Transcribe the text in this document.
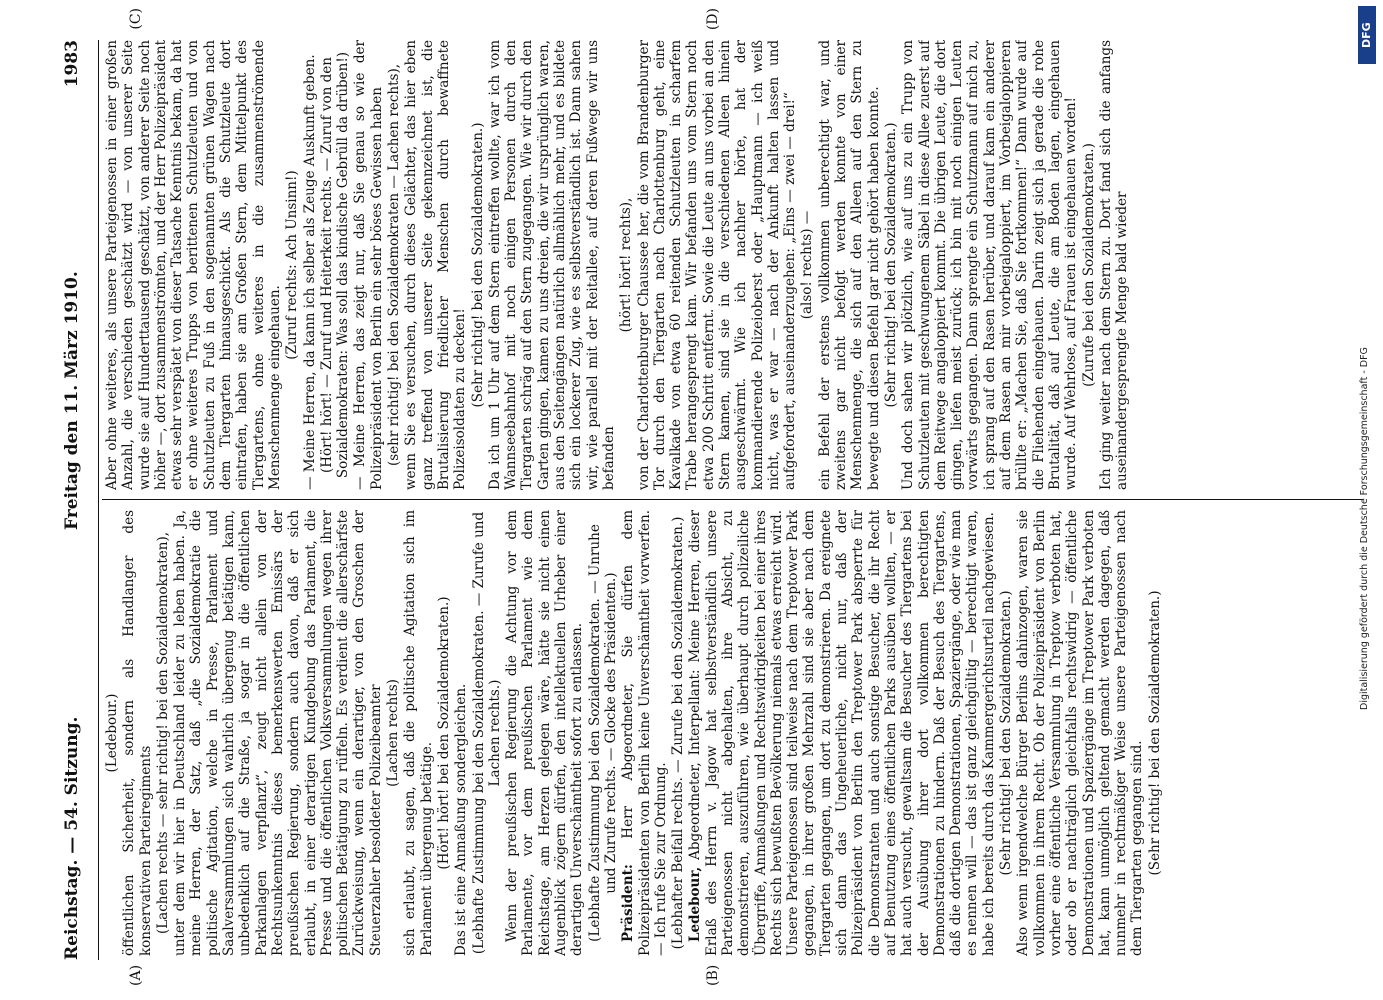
Reichstag. — 54. Sitzung.
Freitag den 11. März 1910.
1983
(A)	(B)
(C)	(D)

(Ledebour.) öffentlichen Sicherheit, sondern als Handlanger des konservativen Parteiregiments (Lachen rechts — sehr richtig! bei den Sozialdemokraten), unter dem wir hier in Deutschland leider zu leben haben. Ja, meine Herren, der Satz, daß „die Sozialdemokratie die politische Agitation, welche in Presse, Parlament und Saalversammlungen sich wahrlich übergenug betätigen kann, unbedenklich auf die Straße, ja sogar in die öffentlichen Parkanlagen verpflanzt“, zeugt nicht allein von der Rechtsunkenntnis dieses bemerkenswerten Emissärs der preußischen Regierung, sondern auch davon, daß er sich erlaubt, in einer derartigen Kundgebung das Parlament, die Presse und die öffentlichen Volksversammlungen wegen ihrer politischen Betätigung zu rüffeln. Es verdient die allerschärfste Zurückweisung, wenn ein derartiger, von den Groschen der Steuerzahler besoldeter Polizeibeamter (Lachen rechts) sich erlaubt, zu sagen, daß die politische Agitation sich im Parlament übergenug betätige. (Hört! hört! bei den Sozialdemokraten.) Das ist eine Anmaßung sondergleichen. (Lebhafte Zustimmung bei den Sozialdemokraten. — Zurufe und Lachen rechts.) Wenn der preußischen Regierung die Achtung vor dem Parlamente, vor dem preußischen Parlament wie dem Reichstage, am Herzen gelegen wäre, hätte sie nicht einen Augenblick zögern dürfen, den intellektuellen Urheber einer derartigen Unverschämtheit sofort zu entlassen. (Lebhafte Zustimmung bei den Sozialdemokraten. — Unruhe und Zurufe rechts. — Glocke des Präsidenten.)

Präsident: Herr Abgeordneter, Sie dürfen dem Polizeipräsidenten von Berlin keine Unverschämtheit vorwerfen. — Ich rufe Sie zur Ordnung. (Lebhafter Beifall rechts. — Zurufe bei den Sozialdemokraten.) Ledebour, Abgeordneter, Interpellant: Meine Herren, dieser Erlaß des Herrn v. Jagow hat selbstverständlich unsere Parteigenossen nicht abgehalten, ihre Absicht, zu demonstrieren, auszuführen, wie überhaupt durch polizeiliche Übergriffe, Anmaßungen und Rechtswidrigkeiten bei einer ihres Rechts sich bewußten Bevölkerung niemals etwas erreicht wird. Unsere Parteigenossen sind teilweise nach dem Treptower Park gegangen, in ihrer großen Mehrzahl sind sie aber nach dem Tiergarten gegangen, um dort zu demonstrieren. Da ereignete sich dann das Ungeheuerliche, nicht nur, daß der Polizeipräsident von Berlin den Treptower Park absperrte für die Demonstranten und auch sonstige Besucher, die ihr Recht auf Benutzung eines öffentlichen Parks ausüben wollten, — er hat auch versucht, gewaltsam die Besucher des Tiergartens bei der Ausübung ihrer dort vollkommen berechtigten Demonstrationen zu hindern. Daß der Besuch des Tiergartens, daß die dortigen Demonstrationen, Spaziergänge, oder wie man es nennen will — das ist ganz gleichgültig — berechtigt waren, habe ich bereits durch das Kammergerichtsurteil nachgewiesen. (Sehr richtig! bei den Sozialdemokraten.) Also wenn irgendwelche Bürger Berlins dahinzogen, waren sie vollkommen in ihrem Recht. Ob der Polizeipräsident von Berlin vorher eine öffentliche Versammlung in Treptow verboten hat, oder ob er nachträglich gleichfalls rechtswidrig — öffentliche Demonstrationen und Spaziergänge im Treptower Park verboten hat, kann unmöglich geltend gemacht werden dagegen, daß nunmehr in rechtmäßiger Weise unsere Parteigenossen nach dem Tiergarten gegangen sind. (Sehr richtig! bei den Sozialdemokraten.)

Aber ohne weiteres, als unsere Parteigenossen in einer großen Anzahl, die verschieden geschätzt wird — von unserer Seite wurde sie auf Hunderttausend geschätzt, von anderer Seite noch höher —, dort zusammenströmten, und der Herr Polizeipräsident etwas sehr verspätet von dieser Tatsache Kenntnis bekam, da hat er ohne weiteres Trupps von berittenen Schutzleuten und von Schutzleuten zu Fuß in den sogenannten grünen Wagen nach dem Tiergarten hinausgeschickt. Als die Schutzleute dort eintrafen, haben sie am Großen Stern, dem Mittelpunkt des Tiergartens, ohne weiteres in die zusammenströmende Menschenmenge eingehauen.

(Zuruf rechts: Ach Unsinn!) — Meine Herren, da kann ich selber als Zeuge Auskunft geben. (Hört! hört! — Zuruf und Heiterkeit rechts. — Zuruf von den Sozialdemokraten: Was soll das kindische Gebrüll da drüben!) — Meine Herren, das zeigt nur, daß Sie genau so wie der Polizeipräsident von Berlin ein sehr böses Gewissen haben (sehr richtig! bei den Sozialdemokraten — Lachen rechts), wenn Sie es versuchen, durch dieses Gelächter, das hier eben ganz treffend von unserer Seite gekennzeichnet ist, die Brutalisierung friedlicher Menschen durch bewaffnete Polizeisoldaten zu decken! (Sehr richtig! bei den Sozialdemokraten.) Da ich um 1 Uhr auf dem Stern eintreffen wollte, war ich vom Wannseebahnhof mit noch einigen Personen durch den Tiergarten schräg auf den Stern zugegangen. Wie wir durch den Garten gingen, kamen zu uns dreien, die wir ursprünglich waren, aus den Seitengängen natürlich allmählich mehr, und es bildete sich ein lockerer Zug, wie es selbstverständlich ist. Dann sahen wir, wie parallel mit der Reitallee, auf deren Fußwege wir uns befanden

(hört! hört! rechts), von der Charlottenburger Chaussee her, die vom Brandenburger Tor durch den Tiergarten nach Charlottenburg geht, eine Kavalkade von etwa 60 reitenden Schutzleuten in scharfem Trabe herangesprengt kam. Wir befanden uns vom Stern noch etwa 200 Schritt entfernt. Sowie die Leute an uns vorbei an den Stern kamen, sind sie in die verschiedenen Alleen hinein ausgeschwärmt. Wie ich nachher hörte, hat der kommandierende Polizeioberst oder „Hauptmann — ich weiß nicht, was er war — nach der Ankunft halten lassen und aufgefordert, auseinanderzugehen: „Eins — zwei — drei!“ (also! rechts) — ein Befehl der erstens vollkommen unberechtigt war, und zweitens gar nicht befolgt werden konnte von einer Menschenmenge, die sich auf den Alleen auf den Stern zu bewegte und diesen Befehl gar nicht gehört haben konnte. (Sehr richtig! bei den Sozialdemokraten.) Und doch sahen wir plötzlich, wie auf uns zu ein Trupp von Schutzleuten mit geschwungenem Säbel in diese Allee zuerst auf dem Reitwege angaloppiert kommt. Die übrigen Leute, die dort gingen, liefen meist zurück; ich bin mit noch einigen Leuten vorwärts gegangen. Dann sprengte ein Schutzmann auf mich zu, ich sprang auf den Rasen herüber, und darauf kam ein anderer auf dem Rasen an mir vorbeigaloppiert, im Vorbeigaloppieren brüllte er: „Machen Sie, daß Sie fortkommen!“ Dann wurde auf die Fliehenden eingehauen. Darin zeigt sich ja gerade die rohe Brutalität, daß auf Leute, die am Boden lagen, eingehauen wurde. Auf Wehrlose, auf Frauen ist eingehauen worden! (Zurufe bei den Sozialdemokraten.) Ich ging weiter nach dem Stern zu. Dort fand sich die anfangs auseinandergesprengte Menge bald wieder

DFG
Digitalisierung gefördert durch die Deutsche Forschungsgemeinschaft - DFG
